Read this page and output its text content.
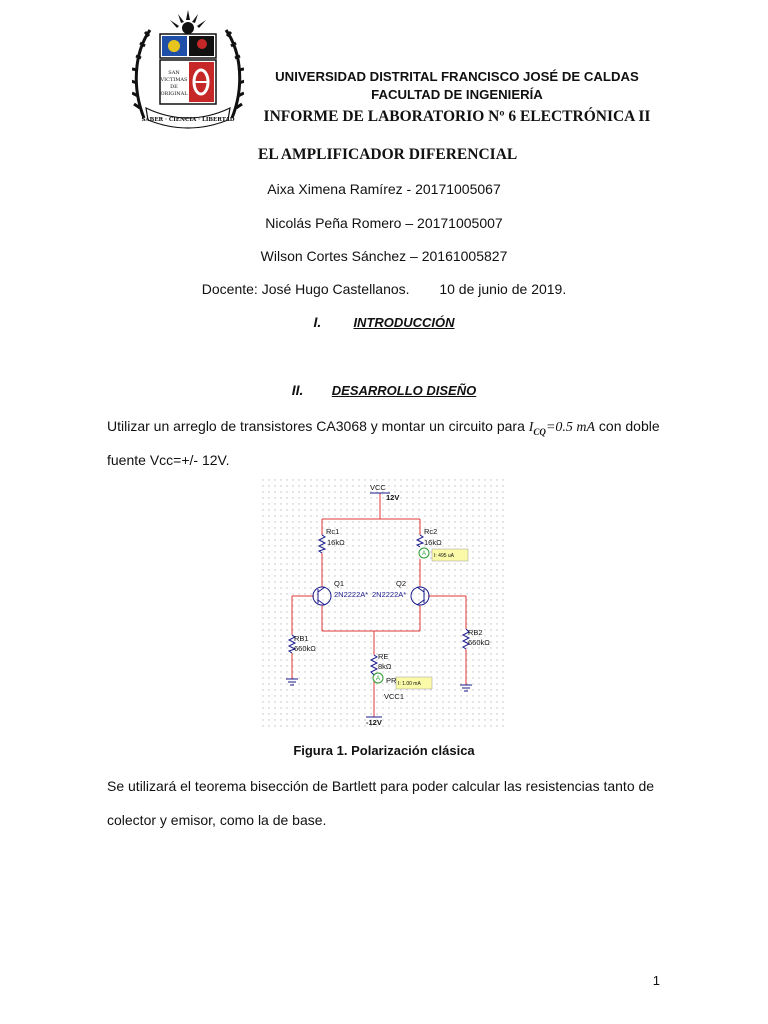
SAN
VICTIMAS
DE
ORIGINAL
SABER · CIENCIA · LIBERTAD
UNIVERSIDAD DISTRITAL FRANCISCO JOSÉ DE CALDAS
FACULTAD DE INGENIERÍA
INFORME DE LABORATORIO Nº 6 ELECTRÓNICA II
EL AMPLIFICADOR DIFERENCIAL
Aixa Ximena Ramírez - 20171005067
Nicolás Peña Romero – 20171005007
Wilson Cortes Sánchez – 20161005827
Docente: José Hugo Castellanos. 10 de junio de 2019.
I. INTRODUCCIÓN
II. DESARROLLO DISEÑO
Utilizar un arreglo de transistores CA3068 y montar un circuito para $I_{CQ}=0.5$ mA con doble
fuente Vcc=+/- 12V.
A
A
VCC
12V
Rc1
16kΩ
Rc2
16kΩ
I: 495 uA
Q1
2N2222A*
Q2
2N2222A*
RB1
660kΩ
RB2
660kΩ
RE
8kΩ
PR I: 1.00 mA
VCC1
-12V
Figura 1. Polarización clásica
Se utilizará el teorema bisección de Bartlett para poder calcular las resistencias tanto de
colector y emisor, como la de base.
1
